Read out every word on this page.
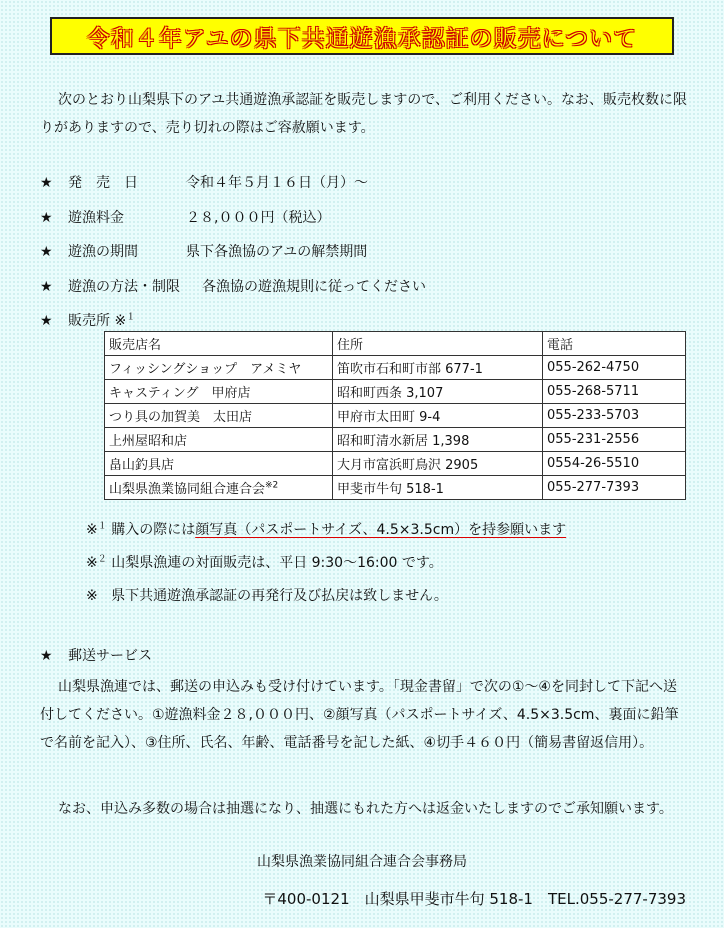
令和４年アユの県下共通遊漁承認証の販売について
次のとおり山梨県下のアユ共通遊漁承認証を販売しますので、ご利用ください。なお、販売枚数に限りがありますので、売り切れの際はご容赦願います。
★ 発　売　日	令和４年５月１６日（月）～
★ 遊漁料金	２８,０００円（税込）
★ 遊漁の期間	県下各漁協のアユの解禁期間
★ 遊漁の方法・制限 各漁協の遊漁規則に従ってください
★ 販売所 ※$^1$
販売店名	住所	電話
フィッシングショップ　アメミヤ	笛吹市石和町市部 677-1	055-262-4750
キャスティング　甲府店	昭和町西条 3,107	055-268-5711
つり具の加賀美　太田店	甲府市太田町 9-4	055-233-5703
上州屋昭和店	昭和町清水新居 1,398	055-231-2556
畠山釣具店	大月市富浜町鳥沢 2905	0554-26-5510
山梨県漁業協同組合連合会$^{※2}$	甲斐市牛句 518-1	055-277-7393
※$^1$ 購入の際には顔写真（パスポートサイズ、4.5×3.5cm）を持参願います
※$^2$ 山梨県漁連の対面販売は、平日 9:30～16:00 です。
※ 県下共通遊漁承認証の再発行及び払戻は致しません。
★ 郵送サービス
山梨県漁連では、郵送の申込みも受け付けています。「現金書留」で次の①～④を同封して下記へ送付してください。①遊漁料金２８,０００円、②顔写真（パスポートサイズ、4.5×3.5cm、裏面に鉛筆で名前を記入）、③住所、氏名、年齢、電話番号を記した紙、④切手４６０円（簡易書留返信用）。
なお、申込み多数の場合は抽選になり、抽選にもれた方へは返金いたしますのでご承知願います。
山梨県漁業協同組合連合会事務局
〒400-0121　山梨県甲斐市牛句 518-1　TEL.055-277-7393
